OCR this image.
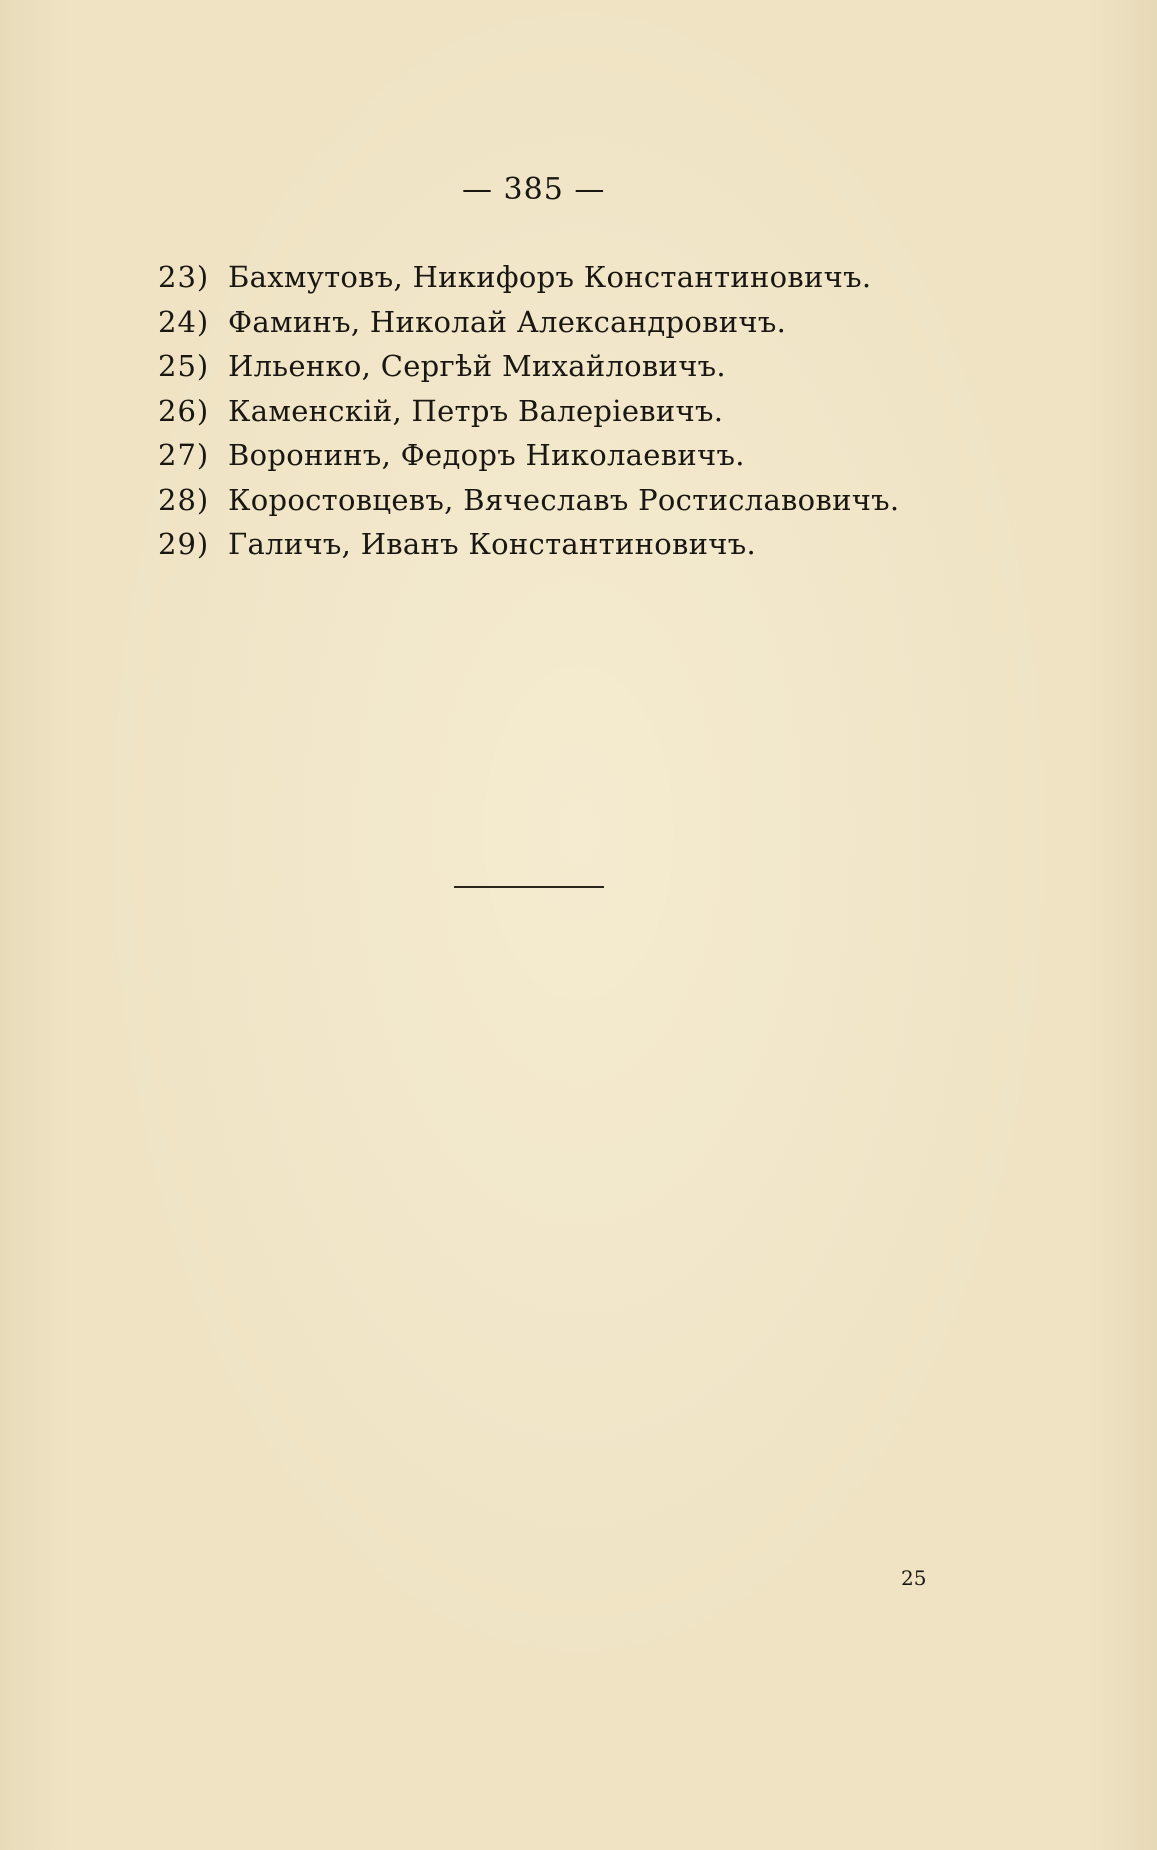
— 385 —
23) Бахмутовъ, Никифоръ Константиновичъ.
24) Фаминъ, Николай Александровичъ.
25) Ильенко, Сергѣй Михайловичъ.
26) Каменскій, Петръ Валеріевичъ.
27) Воронинъ, Федоръ Николаевичъ.
28) Коростовцевъ, Вячеславъ Ростиславовичъ.
29) Галичъ, Иванъ Константиновичъ.
25
